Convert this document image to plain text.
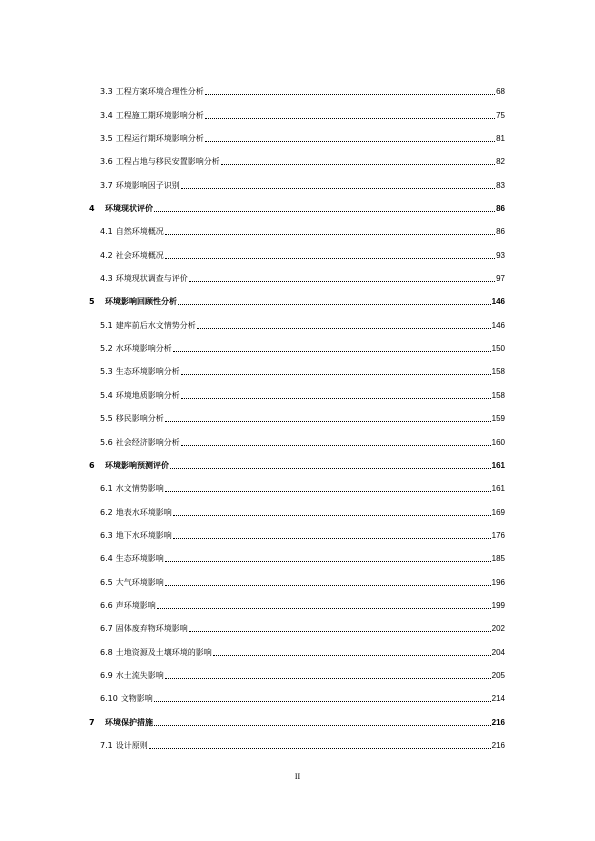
3.3 工程方案环境合理性分析	68
3.4 工程施工期环境影响分析	75
3.5 工程运行期环境影响分析	81
3.6 工程占地与移民安置影响分析	82
3.7 环境影响因子识别	83
4	环境现状评价	86
4.1 自然环境概况	86
4.2 社会环境概况	93
4.3 环境现状调查与评价	97
5	环境影响回顾性分析	146
5.1 建库前后水文情势分析	146
5.2 水环境影响分析	150
5.3 生态环境影响分析	158
5.4 环境地质影响分析	158
5.5 移民影响分析	159
5.6 社会经济影响分析	160
6	环境影响预测评价	161
6.1 水文情势影响	161
6.2 地表水环境影响	169
6.3 地下水环境影响	176
6.4 生态环境影响	185
6.5 大气环境影响	196
6.6 声环境影响	199
6.7 固体废弃物环境影响	202
6.8 土地资源及土壤环境的影响	204
6.9 水土流失影响	205
6.10 文物影响	214
7	环境保护措施	216
7.1 设计原则	216
II
